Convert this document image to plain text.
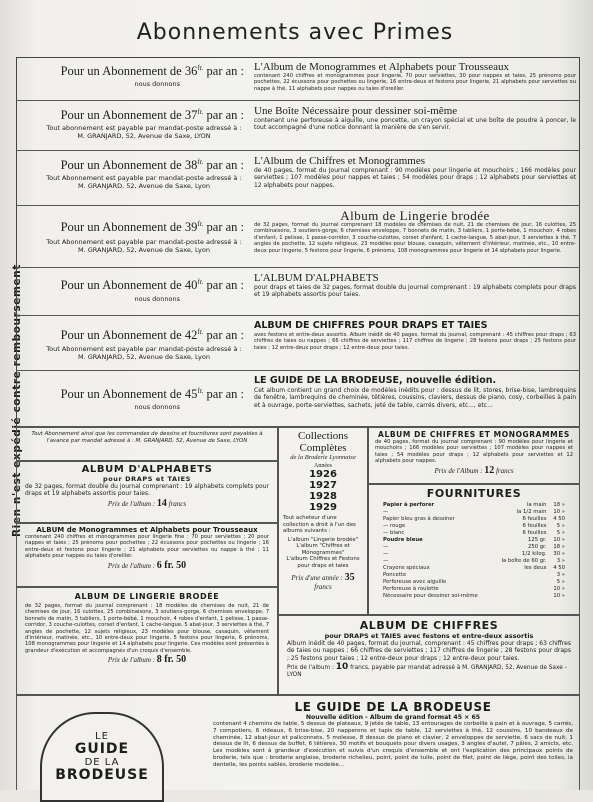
Abonnements avec Primes
Rien n'est expédié contre remboursement
Pour un Abonnement de $36^{fr.}$ par an :
nous donnons
L'Album de Monogrammes et Alphabets pour Trousseaux
contenant 240 chiffres et monogrammes pour lingerie, 70 pour serviettes, 30 pour nappes et taies, 25 prénoms pour pochettes, 22 écussons pour pochettes ou lingerie, 16 entre-deux et festons pour lingerie, 21 alphabets pour serviettes ou nappe à thé, 11 alphabets pour nappes ou taies d'oreiller.
Pour un Abonnement de $37^{fr.}$ par an :
Tout abonnement est payable par mandat-poste adressé à : M. GRANJARD, 52, Avenue de Saxe, LYON
Une Boîte Nécessaire pour dessiner soi-même
contenant une perforeuse à aiguille, une poncette, un crayon spécial et une boîte de poudre à poncer, le tout accompagné d'une notice donnant la manière de s'en servir.
Pour un Abonnement de $38^{fr.}$ par an :
Tout Abonnement est payable par mandat-poste adressé à : M. GRANJARD, 52, Avenue de Saxe, Lyon
L'Album de Chiffres et Monogrammes
de 40 pages, format du Journal comprenant : 90 modèles pour lingerie et mouchoirs ; 166 modèles pour serviettes ; 107 modèles pour nappes et taies ; 54 modèles pour draps ; 12 alphabets pour serviettes et 12 alphabets pour nappes.
Pour un Abonnement de $39^{fr.}$ par an :
Tout Abonnement est payable par mandat-poste adressé à : M. GRANJARD, 52, Avenue de Saxe, Lyon
Album de Lingerie brodée
de 32 pages, format du journal comprenant 18 modèles de chemises de nuit, 21 de chemises de jour, 16 culottes, 25 combinaisons, 3 soutiens-gorge, 6 chemises enveloppe, 7 bonnets de matin, 3 tabliers, 1 porte-bébé, 1 mouchoir, 4 robes d'enfant, 1 pelisse, 1 passe-corridor, 3 couche-culottes, corset d'enfant, 1 cache-langue, 5 abat-jour, 3 serviettes à thé, 7 angles de pochette, 12 sujets religieux, 23 modèles pour blouse, casaquin, vêtement d'intérieur, matinée, etc., 10 entre-deux pour lingerie, 5 festons pour lingerie, 6 prénoms, 108 monogrammes pour lingerie et 14 alphabets pour lingerie.
Pour un Abonnement de $40^{fr.}$ par an :
nous donnons
L'ALBUM D'ALPHABETS
pour draps et taies de 32 pages, format double du journal comprenant : 19 alphabets complets pour draps et 19 alphabets assortis pour taies.
Pour un Abonnement de $42^{fr.}$ par an :
Tout Abonnement est payable par mandat-poste adressé à : M. GRANJARD, 52, Avenue de Saxe, Lyon
ALBUM DE CHIFFRES POUR DRAPS ET TAIES
avec festons et entre-deux assortis. Album inédit de 40 pages, format du journal, comprenant : 45 chiffres pour draps ; 63 chiffres de taies ou nappes ; 66 chiffres de serviettes ; 117 chiffres de lingerie ; 28 festons pour draps ; 25 festons pour taies ; 12 entre-deux pour draps ; 12 entre-deux pour taies.
Pour un Abonnement de $45^{fr.}$ par an :
nous donnons
LE GUIDE DE LA BRODEUSE, nouvelle édition.
Cet album contient un grand choix de modèles inédits pour : dessus de lit, stores, brise-bise, lambrequins de fenêtre, lambrequins de cheminée, têtières, coussins, claviers, dessus de piano, cosy, corbeilles à pain et à ouvrage, porte-serviettes, sachets, jeté de table, carrés divers, etc..., etc...
Tout Abonnement ainsi que les commandes de dessins et fournitures sont payables à l'avance par mandat adressé à : M. GRANJARD, 52, Avenue de Saxe, LYON
ALBUM D'ALPHABETS
pour DRAPS et TAIES
de 32 pages, format double du journal comprenant : 19 alphabets complets pour draps et 19 alphabets assortis pour taies.
Prix de l'album : 14 francs
ALBUM de Monogrammes et Alphabets pour Trousseaux
contenant 240 chiffres et monogrammes pour lingerie fine ; 70 pour serviettes ; 20 pour nappes et taies ; 25 prénoms pour pochettes ; 22 écussons pour pochettes ou lingerie ; 16 entre-deux et festons pour lingerie ; 21 alphabets pour serviettes ou nappe à thé ; 11 alphabets pour nappes ou taies d'oreiller.
Prix de l'album : 6 fr. 50
ALBUM DE LINGERIE BRODÉE
de 32 pages, format du journal comprenant : 18 modèles de chemises de nuit, 21 de chemises de jour, 16 culottes, 25 combinaisons, 3 soutiens-gorge, 6 chemises enveloppe, 7 bonnets de matin, 3 tabliers, 1 porte-bébé, 1 mouchoir, 4 robes d'enfant, 1 pelisse, 1 passe-corridor, 3 couche-culottes, corset d'enfant, 1 cache-langue, 5 abat-jour, 3 serviettes à thé, 7 angles de pochette, 12 sujets religieux, 23 modèles pour blouse, casaquin, vêtement d'intérieur, matinée, etc., 10 entre-deux pour lingerie, 5 festons pour lingerie, 6 prénoms, 108 monogrammes pour lingerie et 14 alphabets pour lingerie. Ces modèles sont présentés à grandeur d'exécution et accompagnés d'un croquis d'ensemble.
Prix de l'album : 8 fr. 50
Collections
Complètes
de la Broderie Lyonnaise
Années
1926
1927
1928
1929
Tout acheteur d'une collection a droit à l'un des albums suivants :
L'album "Lingerie brodée"
L'album "Chiffres et Monogrammes"
L'album Chiffres et Festons pour draps et taies
Prix d'une année : 35 francs
ALBUM DE CHIFFRES ET MONOGRAMMES
de 40 pages, format du journal comprenant : 90 modèles pour lingerie et mouchoirs ; 166 modèles pour serviettes ; 107 modèles pour nappes et taies ; 54 modèles pour draps ; 12 alphabets pour serviettes et 12 alphabets pour nappes.
Prix de l'Album : 12 francs
FOURNITURES
Papier à perforer	la main	18 »
—	la 1/2 main	10 »
Papier bleu gras à dessiner	6 feuilles	4 50
— rouge	6 feuilles	5 »
— blanc	6 feuilles	5 »
Poudre bleue	125 gr.	10 »
—	250 gr.	18 »
—	1/2 kilog.	30 »
—	la boîte de 60 gr.	3 »
Crayons spéciaux	les deux	4 50
Poncette		3 »
Perforeuse avec aiguille		5 »
Perforeuse à roulette		10 »
Nécessaire pour dessiner soi-même		10 »
ALBUM DE CHIFFRES
pour DRAPS et TAIES avec festons et entre-deux assortis
Album inédit de 40 pages, format du journal, comprenant : 45 chiffres pour draps ; 63 chiffres de taies ou nappes ; 66 chiffres de serviettes ; 117 chiffres de lingerie ; 28 festons pour draps ; 25 festons pour taies ; 12 entre-deux pour draps ; 12 entre-deux pour taies.
Prix de l'album : 10 francs, payable par mandat adressé à M. GRANJARD, 52, Avenue de Saxe - LYON
LE GUIDE DE LA BRODEUSE
Nouvelle édition - Album de grand format 45 × 65
contenant 4 chemins de table, 5 dessus de plateaux, 9 jetés de table, 13 entourages de corbeille à pain et à ouvrage, 5 carrés, 7 compotiers, 6 rideaux, 6 brise-bise, 20 napperons et tapis de table, 12 serviettes à thé, 12 coussins, 10 bandeaux de cheminée, 12 abat-jour et paliconnets, 5 molesse, 8 dessus de piano et clavier, 2 enveloppes de serviette, 6 sacs de nuit, 1 dessus de lit, 6 dessus de buffet, 6 têtières, 30 motifs et bouquets pour divers usages, 3 angles d'autel, 7 pâles, 2 amicts, etc. Les modèles sont à grandeur d'exécution et suivis d'un croquis d'ensemble et ont l'explication des principaux points de broderie, tels que : broderie anglaise, broderie richelieu, point, point de tulle, point de filet, point de liège, point des toiles, la dentelle, les points sablés, broderie modelée...
LE
GUIDE
DE LA
BRODEUSE
